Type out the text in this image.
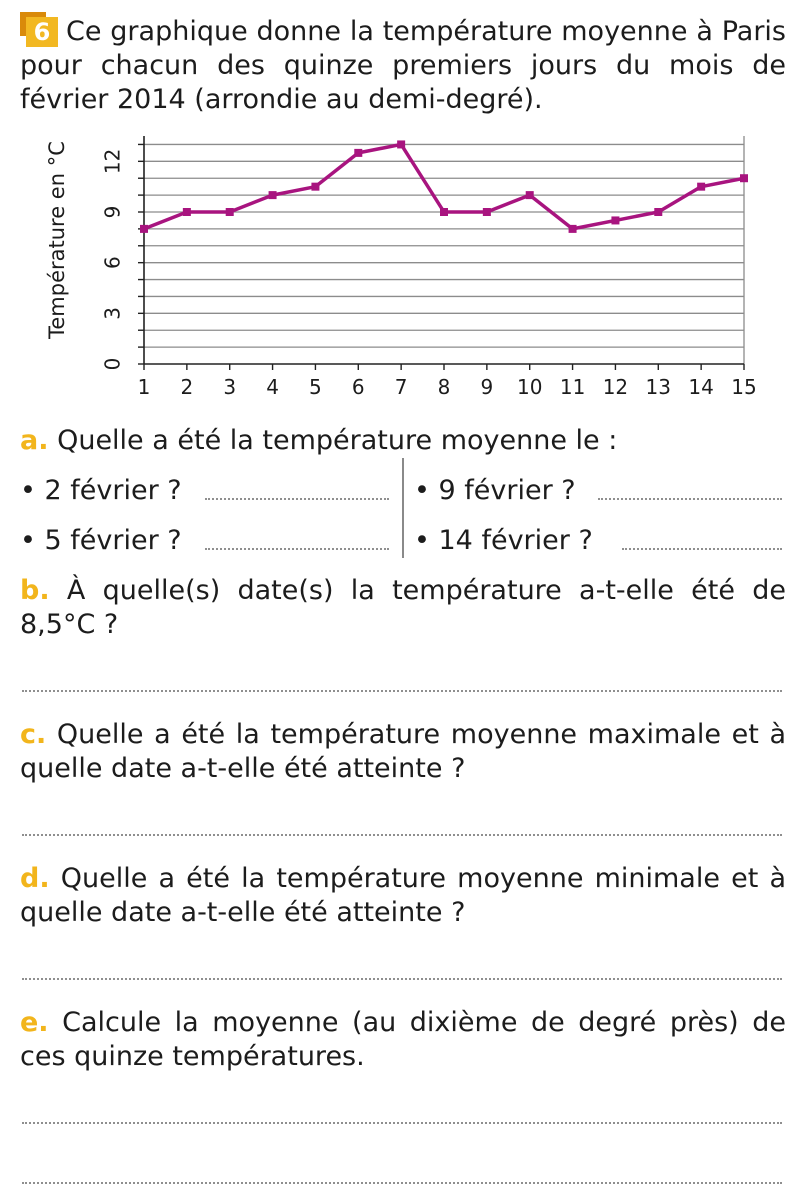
6 Ce graphique donne la température moyenne à Paris pour chacun des quinze premiers jours du mois de février 2014 (arrondie au demi-degré).
1 2 3 4 5 6 7 8 9 10 11 12 13 14 15
0
3
6
9
12
Température en °C
a. Quelle a été la température moyenne le :
• 2 février ?	• 9 février ?
• 5 février ?	• 14 février ?
b. À quelle(s) date(s) la température a-t-elle été de 8,5°C ?
c. Quelle a été la température moyenne maximale et à quelle date a-t-elle été atteinte ?
d. Quelle a été la température moyenne minimale et à quelle date a-t-elle été atteinte ?
e. Calcule la moyenne (au dixième de degré près) de ces quinze températures.
